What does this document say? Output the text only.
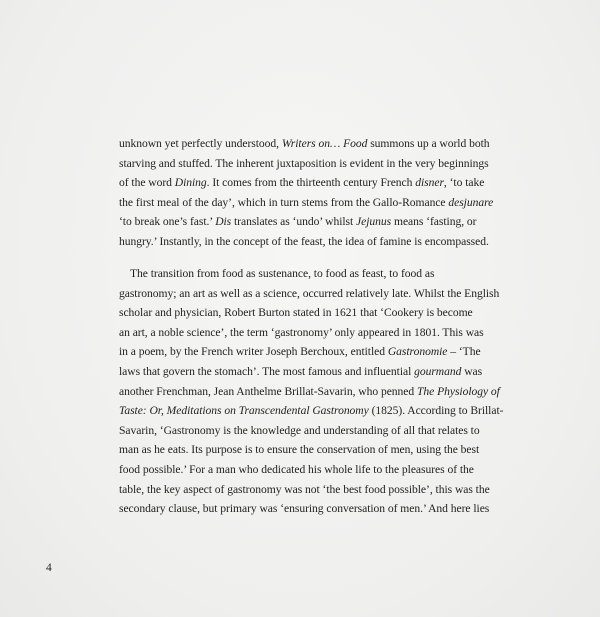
unknown yet perfectly understood, Writers on… Food summons up a world both
starving and stuffed. The inherent juxtaposition is evident in the very beginnings
of the word Dining. It comes from the thirteenth century French disner, ‘to take
the first meal of the day’, which in turn stems from the Gallo-Romance desjunare
‘to break one’s fast.’ Dis translates as ‘undo’ whilst Jejunus means ‘fasting, or
hungry.’ Instantly, in the concept of the feast, the idea of famine is encompassed.
The transition from food as sustenance, to food as feast, to food as
gastronomy; an art as well as a science, occurred relatively late. Whilst the English
scholar and physician, Robert Burton stated in 1621 that ‘Cookery is become
an art, a noble science’, the term ‘gastronomy’ only appeared in 1801. This was
in a poem, by the French writer Joseph Berchoux, entitled Gastronomie – ‘The
laws that govern the stomach’. The most famous and influential gourmand was
another Frenchman, Jean Anthelme Brillat-Savarin, who penned The Physiology of
Taste: Or, Meditations on Transcendental Gastronomy (1825). According to Brillat-
Savarin, ‘Gastronomy is the knowledge and understanding of all that relates to
man as he eats. Its purpose is to ensure the conservation of men, using the best
food possible.’ For a man who dedicated his whole life to the pleasures of the
table, the key aspect of gastronomy was not ‘the best food possible’, this was the
secondary clause, but primary was ‘ensuring conversation of men.’ And here lies
4
